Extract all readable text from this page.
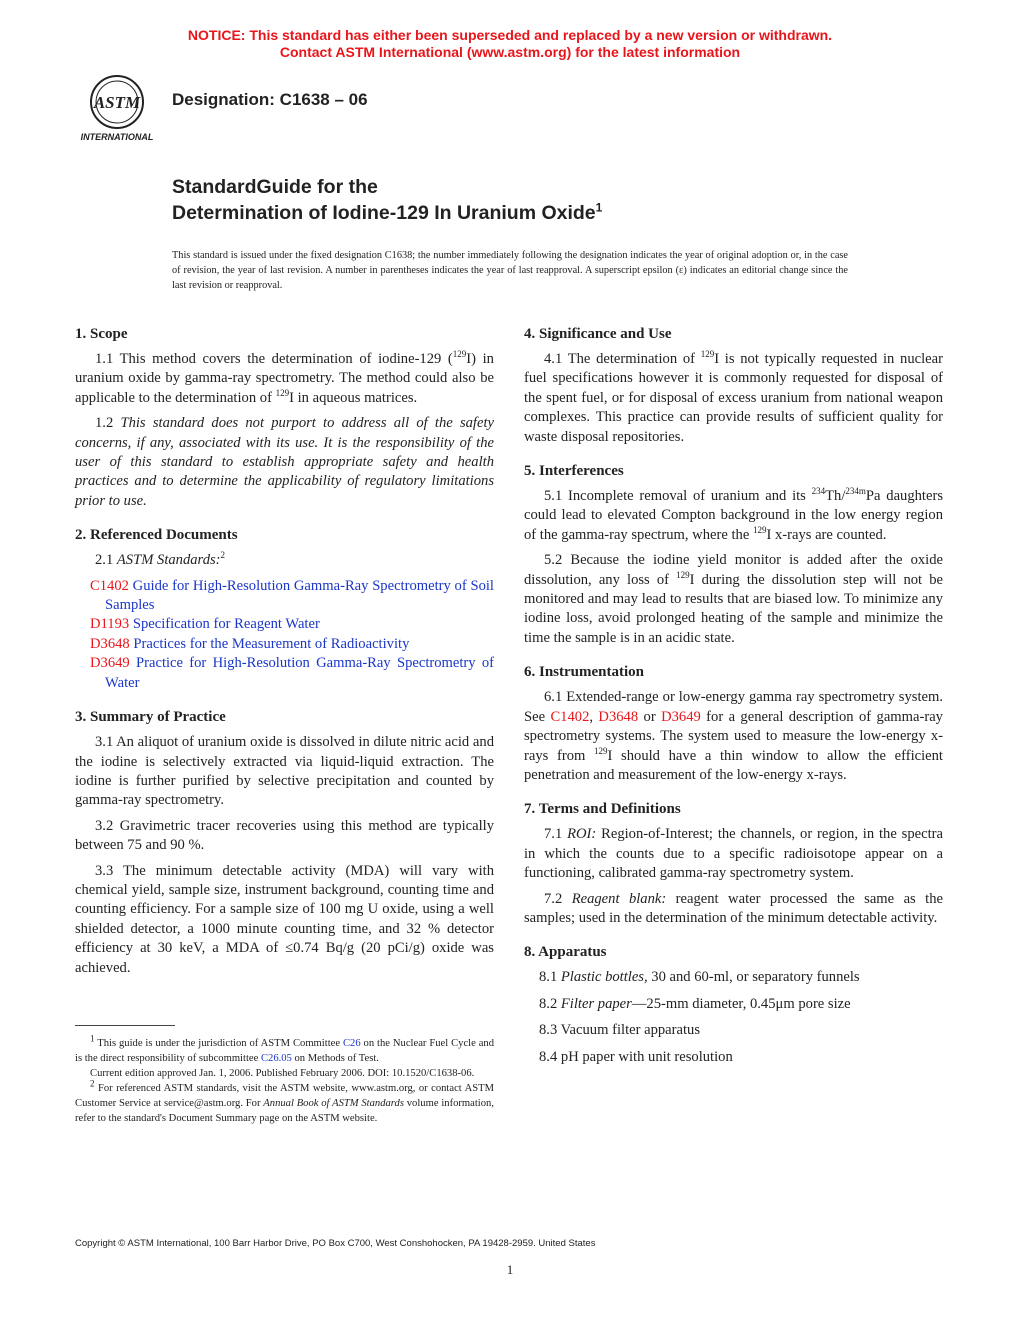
NOTICE: This standard has either been superseded and replaced by a new version or withdrawn.
Contact ASTM International (www.astm.org) for the latest information
ASTM
INTERNATIONAL
Designation: C1638 – 06
StandardGuide for the
Determination of Iodine-129 In Uranium Oxide$^1$
This standard is issued under the fixed designation C1638; the number immediately following the designation indicates the year of original adoption or, in the case of revision, the year of last revision. A number in parentheses indicates the year of last reapproval. A superscript epsilon (ε) indicates an editorial change since the last revision or reapproval.
1. Scope

1.1 This method covers the determination of iodine-129 ($^{129}$I) in uranium oxide by gamma-ray spectrometry. The method could also be applicable to the determination of $^{129}$I in aqueous matrices.

1.2 This standard does not purport to address all of the safety concerns, if any, associated with its use. It is the responsibility of the user of this standard to establish appropriate safety and health practices and to determine the applicability of regulatory limitations prior to use.

2. Referenced Documents

2.1 ASTM Standards:$^2$

C1402 Guide for High-Resolution Gamma-Ray Spectrometry of Soil Samples
D1193 Specification for Reagent Water
D3648 Practices for the Measurement of Radioactivity
D3649 Practice for High-Resolution Gamma-Ray Spectrometry of Water
3. Summary of Practice

3.1 An aliquot of uranium oxide is dissolved in dilute nitric acid and the iodine is selectively extracted via liquid-liquid extraction. The iodine is further purified by selective precipitation and counted by gamma-ray spectrometry.

3.2 Gravimetric tracer recoveries using this method are typically between 75 and 90 %.

3.3 The minimum detectable activity (MDA) will vary with chemical yield, sample size, instrument background, counting time and counting efficiency. For a sample size of 100 mg U oxide, using a well shielded detector, a 1000 minute counting time, and 32 % detector efficiency at 30 keV, a MDA of ≤0.74 Bq/g (20 pCi/g) oxide was achieved.

$^1$ This guide is under the jurisdiction of ASTM Committee C26 on the Nuclear Fuel Cycle and is the direct responsibility of subcommittee C26.05 on Methods of Test.

Current edition approved Jan. 1, 2006. Published February 2006. DOI: 10.1520/C1638-06.

$^2$ For referenced ASTM standards, visit the ASTM website, www.astm.org, or contact ASTM Customer Service at service@astm.org. For Annual Book of ASTM Standards volume information, refer to the standard's Document Summary page on the ASTM website.

4. Significance and Use

4.1 The determination of $^{129}$I is not typically requested in nuclear fuel specifications however it is commonly requested for disposal of the spent fuel, or for disposal of excess uranium from national weapon complexes. This practice can provide results of sufficient quality for waste disposal repositories.

5. Interferences

5.1 Incomplete removal of uranium and its $^{234}$Th/$^{234m}$Pa daughters could lead to elevated Compton background in the low energy region of the gamma-ray spectrum, where the $^{129}$I x-rays are counted.

5.2 Because the iodine yield monitor is added after the oxide dissolution, any loss of $^{129}$I during the dissolution step will not be monitored and may lead to results that are biased low. To minimize any iodine loss, avoid prolonged heating of the sample and minimize the time the sample is in an acidic state.

6. Instrumentation

6.1 Extended-range or low-energy gamma ray spectrometry system. See C1402, D3648 or D3649 for a general description of gamma-ray spectrometry systems. The system used to measure the low-energy x-rays from $^{129}$I should have a thin window to allow the efficient penetration and measurement of the low-energy x-rays.

7. Terms and Definitions

7.1 ROI: Region-of-Interest; the channels, or region, in the spectra in which the counts due to a specific radioisotope appear on a functioning, calibrated gamma-ray spectrometry system.

7.2 Reagent blank: reagent water processed the same as the samples; used in the determination of the minimum detectable activity.

8. Apparatus

8.1 Plastic bottles, 30 and 60-ml, or separatory funnels

8.2 Filter paper—25-mm diameter, 0.45μm pore size

8.3 Vacuum filter apparatus

8.4 pH paper with unit resolution

Copyright © ASTM International, 100 Barr Harbor Drive, PO Box C700, West Conshohocken, PA 19428-2959. United States
1
